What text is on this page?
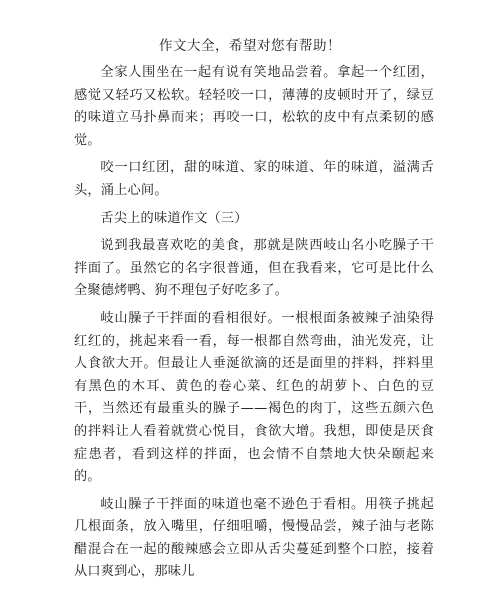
作文大全，希望对您有帮助！

全家人围坐在一起有说有笑地品尝着。拿起一个红团，感觉又轻巧又松软。轻轻咬一口，薄薄的皮顿时开了，绿豆的味道立马扑鼻而来；再咬一口，松软的皮中有点柔韧的感觉。

咬一口红团，甜的味道、家的味道、年的味道，溢满舌头，涌上心间。

舌尖上的味道作文（三）

说到我最喜欢吃的美食，那就是陕西岐山名小吃臊子干拌面了。虽然它的名字很普通，但在我看来，它可是比什么全聚德烤鸭、狗不理包子好吃多了。

岐山臊子干拌面的看相很好。一根根面条被辣子油染得红红的，挑起来看一看，每一根都自然弯曲，油光发亮，让人食欲大开。但最让人垂涎欲滴的还是面里的拌料，拌料里有黑色的木耳、黄色的卷心菜、红色的胡萝卜、白色的豆干，当然还有最重头的臊子——褐色的肉丁，这些五颜六色的拌料让人看着就赏心悦目，食欲大增。我想，即使是厌食症患者，看到这样的拌面，也会情不自禁地大快朵颐起来的。

岐山臊子干拌面的味道也毫不逊色于看相。用筷子挑起几根面条，放入嘴里，仔细咀嚼，慢慢品尝，辣子油与老陈醋混合在一起的酸辣感会立即从舌尖蔓延到整个口腔，接着从口爽到心，那味儿
